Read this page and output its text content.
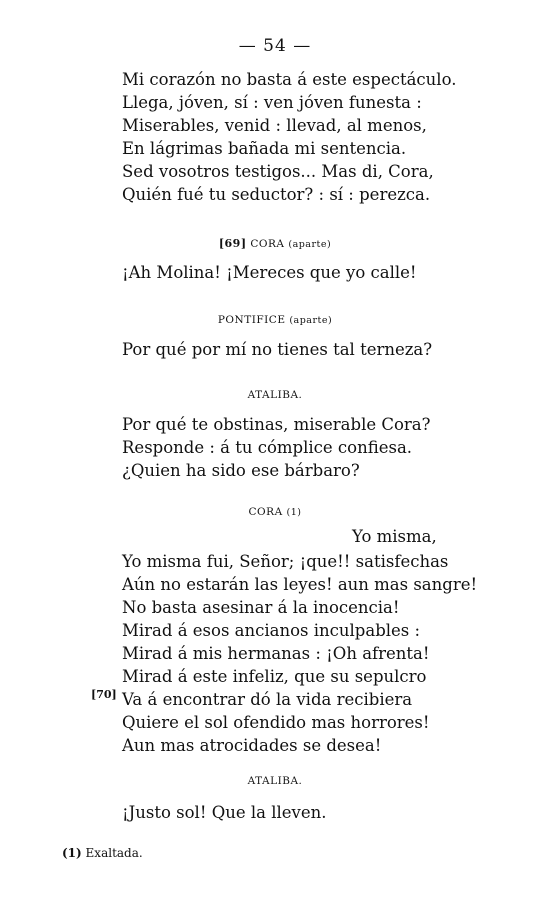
— 54 —
Mi corazón no basta á este espectáculo.
Llega, jóven, sí : ven jóven funesta :
Miserables, venid : llevad, al menos,
En lágrimas bañada mi sentencia.
Sed vosotros testigos... Mas di, Cora,
Quién fué tu seductor? : sí : perezca.
[69] CORA (aparte)
¡Ah Molina! ¡Mereces que yo calle!
PONTIFICE (aparte)
Por qué por mí no tienes tal terneza?
ATALIBA.
Por qué te obstinas, miserable Cora?
Responde : á tu cómplice confiesa.
¿Quien ha sido ese bárbaro?
CORA (1)
Yo misma,
Yo misma fui, Señor; ¡que!! satisfechas
Aún no estarán las leyes! aun mas sangre!
No basta asesinar á la inocencia!
Mirad á esos ancianos inculpables :
Mirad á mis hermanas : ¡Oh afrenta!
Mirad á este infeliz, que su sepulcro
Va á encontrar dó la vida recibiera
Quiere el sol ofendido mas horrores!
Aun mas atrocidades se desea!
[70]
ATALIBA.
¡Justo sol! Que la lleven.
(1) Exaltada.
